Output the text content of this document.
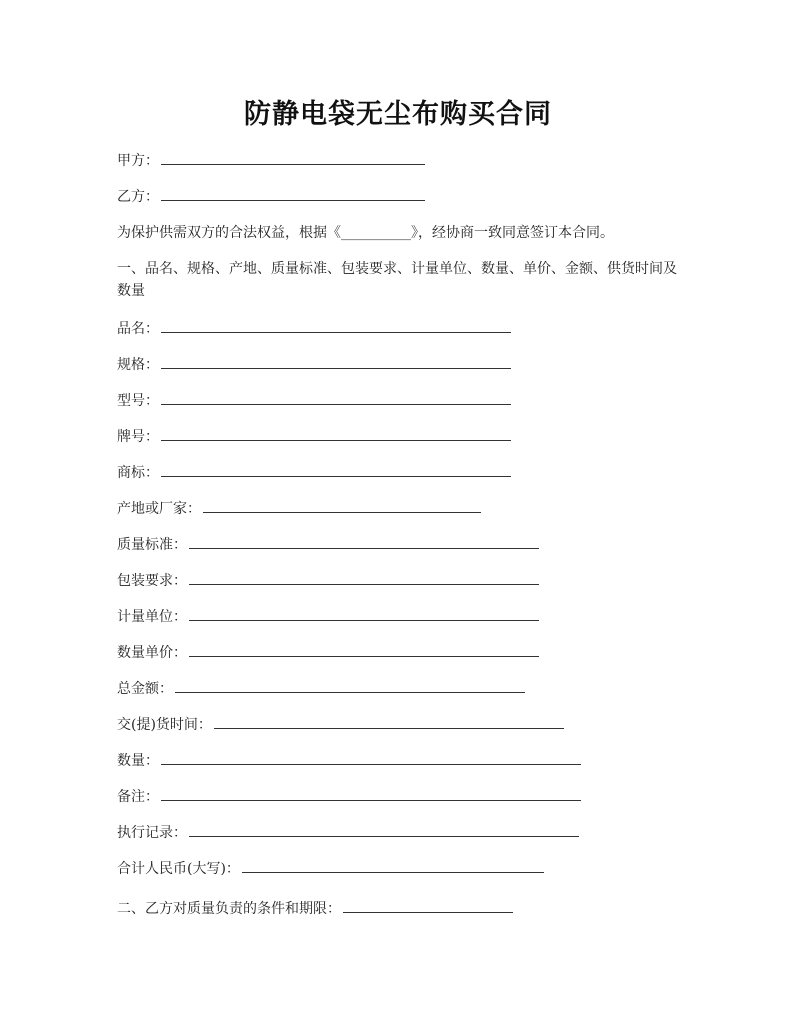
防静电袋无尘布购买合同
甲方：
乙方：
为保护供需双方的合法权益，根据《__________》，经协商一致同意签订本合同。
一、品名、规格、产地、质量标准、包装要求、计量单位、数量、单价、金额、供货时间及数量
品名：
规格：
型号：
牌号：
商标：
产地或厂家：
质量标准：
包装要求：
计量单位：
数量单价：
总金额：
交(提)货时间：
数量：
备注：
执行记录：
合计人民币(大写)：
二、乙方对质量负责的条件和期限：
